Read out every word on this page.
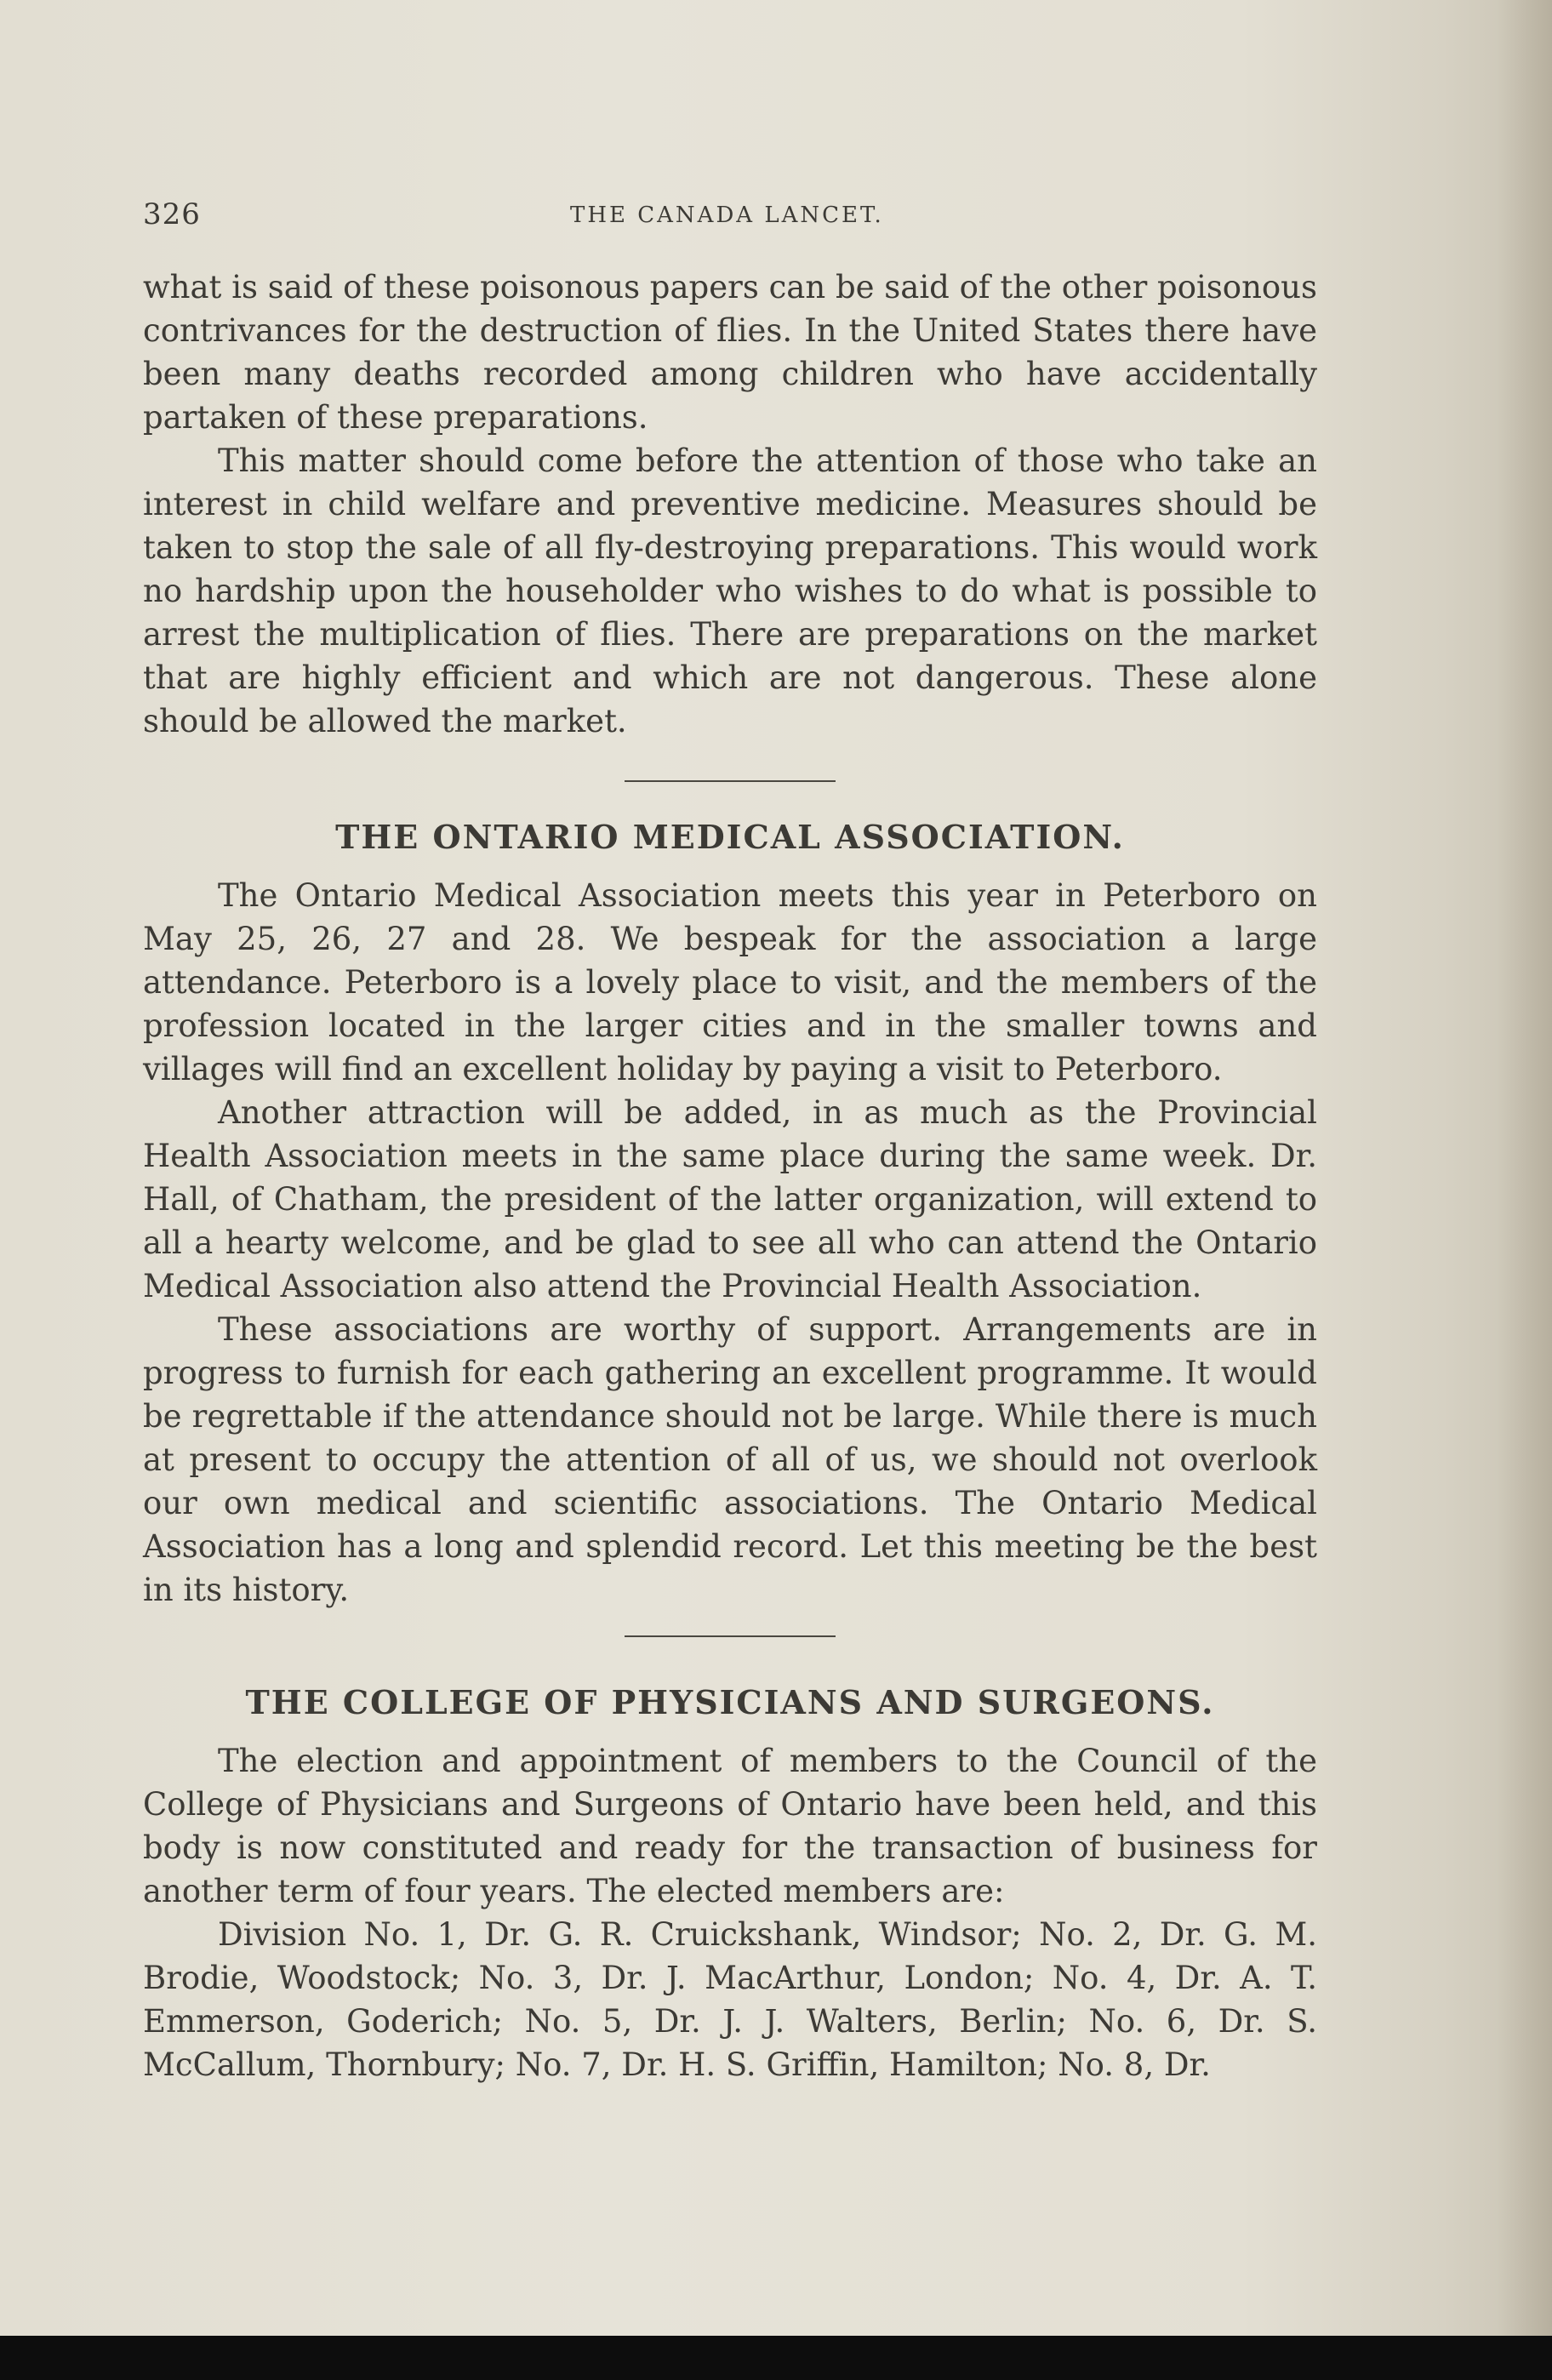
326	THE CANADA LANCET.

what is said of these poisonous papers can be said of the other poisonous contrivances for the destruction of flies. In the United States there have been many deaths recorded among children who have accidentally partaken of these preparations.

This matter should come before the attention of those who take an interest in child welfare and preventive medicine. Measures should be taken to stop the sale of all fly-destroying preparations. This would work no hardship upon the householder who wishes to do what is possible to arrest the multiplication of flies. There are preparations on the market that are highly efficient and which are not dangerous. These alone should be allowed the market.

THE ONTARIO MEDICAL ASSOCIATION.

The Ontario Medical Association meets this year in Peterboro on May 25, 26, 27 and 28. We bespeak for the association a large attendance. Peterboro is a lovely place to visit, and the members of the profession located in the larger cities and in the smaller towns and villages will find an excellent holiday by paying a visit to Peterboro.

Another attraction will be added, in as much as the Provincial Health Association meets in the same place during the same week. Dr. Hall, of Chatham, the president of the latter organization, will extend to all a hearty welcome, and be glad to see all who can attend the Ontario Medical Association also attend the Provincial Health Association.

These associations are worthy of support. Arrangements are in progress to furnish for each gathering an excellent programme. It would be regrettable if the attendance should not be large. While there is much at present to occupy the attention of all of us, we should not overlook our own medical and scientific associations. The Ontario Medical Association has a long and splendid record. Let this meeting be the best in its history.

THE COLLEGE OF PHYSICIANS AND SURGEONS.

The election and appointment of members to the Council of the College of Physicians and Surgeons of Ontario have been held, and this body is now constituted and ready for the transaction of business for another term of four years. The elected members are:

Division No. 1, Dr. G. R. Cruickshank, Windsor; No. 2, Dr. G. M. Brodie, Woodstock; No. 3, Dr. J. MacArthur, London; No. 4, Dr. A. T. Emmerson, Goderich; No. 5, Dr. J. J. Walters, Berlin; No. 6, Dr. S. McCallum, Thornbury; No. 7, Dr. H. S. Griffin, Hamilton; No. 8, Dr.
